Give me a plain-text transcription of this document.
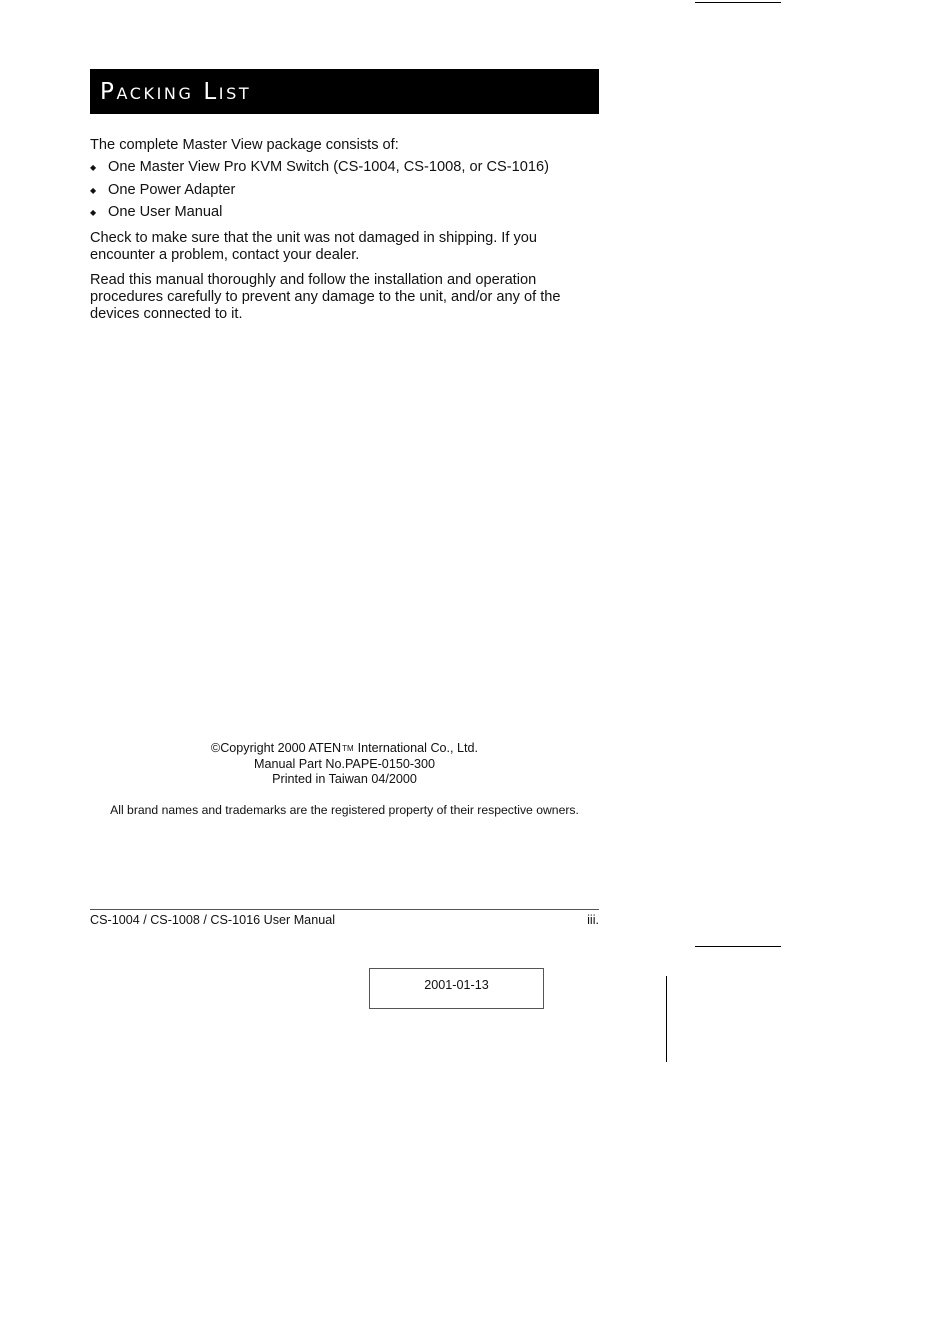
Packing List

The complete Master View package consists of:

◆ One Master View Pro KVM Switch (CS-1004, CS-1008, or CS-1016)
◆ One Power Adapter
◆ One User Manual

Check to make sure that the unit was not damaged in shipping. If you encounter a problem, contact your dealer.

Read this manual thoroughly and follow the installation and operation procedures carefully to prevent any damage to the unit, and/or any of the devices connected to it.

©Copyright 2000 ATENTM International Co., Ltd.
Manual Part No.PAPE-0150-300
Printed in Taiwan 04/2000
All brand names and trademarks are the registered property of their respective owners.
CS-1004 / CS-1008 / CS-1016 User Manual	iii.
2001-01-13
